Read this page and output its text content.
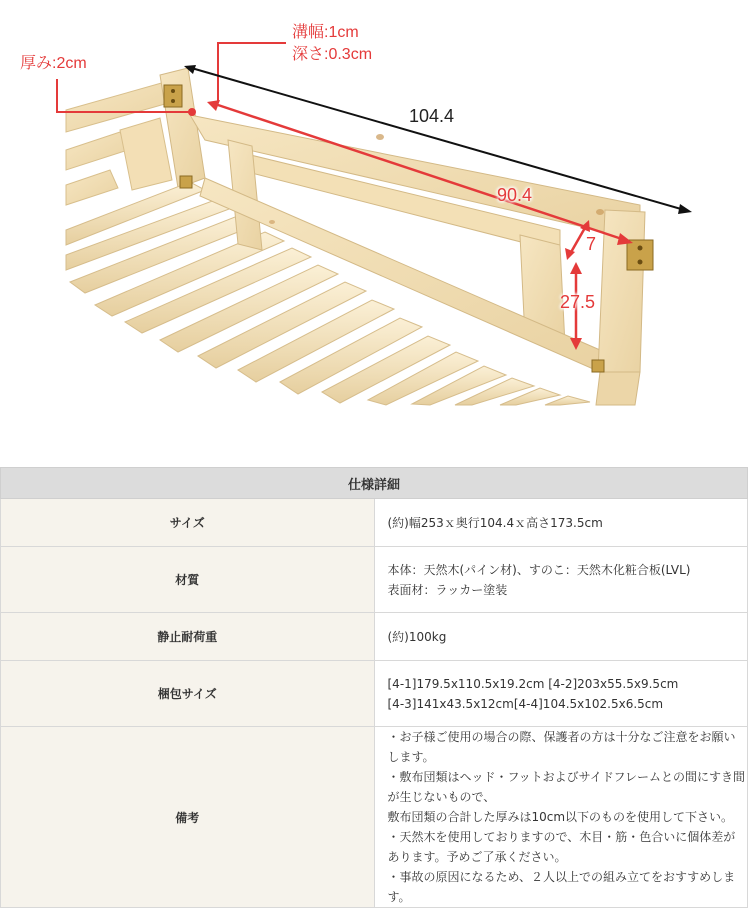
溝幅:1cm
深さ:0.3cm
厚み:2cm
104.4
90.4
7
27.5
仕様詳細	
サイズ	(約)幅253ｘ奥行104.4ｘ高さ173.5cm

材質	本体：天然木(パイン材)、すのこ：天然木化粧合板(LVL)
表面材：ラッカー塗装

静止耐荷重	(約)100kg

梱包サイズ	[4-1]179.5x110.5x19.2cm [4-2]203x55.5x9.5cm
[4-3]141x43.5x12cm[4-4]104.5x102.5x6.5cm

備考	・お子様ご使用の場合の際、保護者の方は十分なご注意をお願いします。
・敷布団類はヘッド・フットおよびサイドフレームとの間にすき間が生じないもので、
敷布団類の合計した厚みは10cm以下のものを使用して下さい。
・天然木を使用しておりますので、木目・筋・色合いに個体差があります。予めご了承ください。
・事故の原因になるため、２人以上での組み立てをおすすめします。
